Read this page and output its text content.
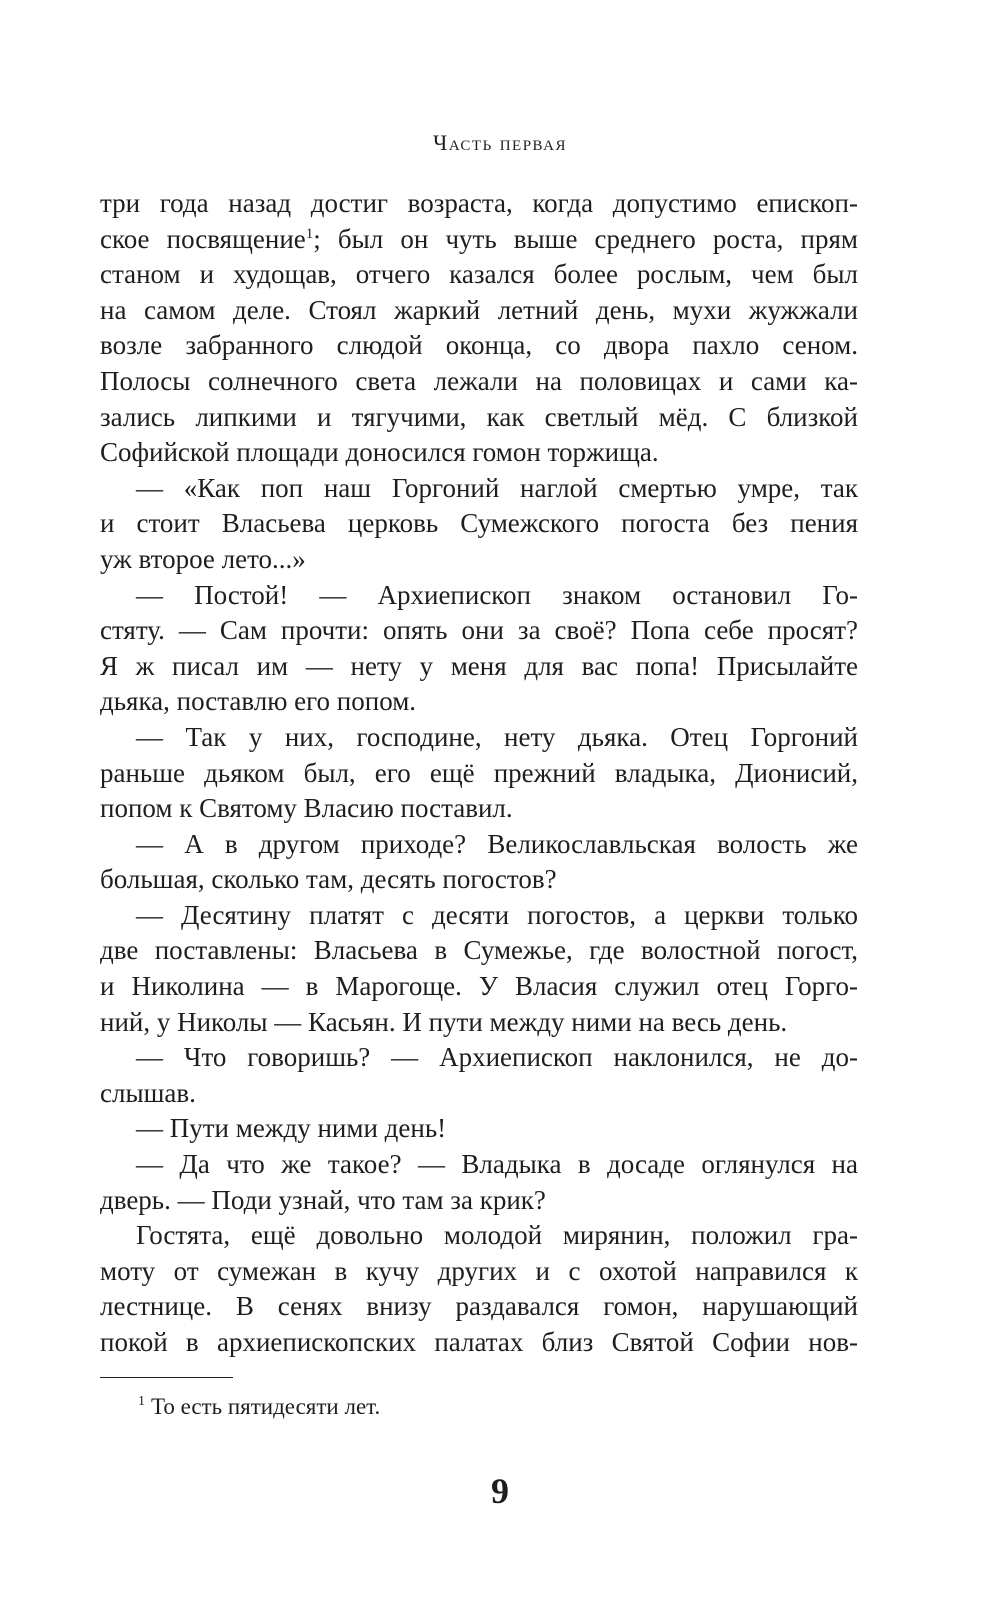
Часть первая
три года назад достиг возраста, когда допустимо епископ-
ское посвящение$^1$; был он чуть выше среднего роста, прям
станом и худощав, отчего казался более рослым, чем был
на самом деле. Стоял жаркий летний день, мухи жужжали
возле забранного слюдой оконца, со двора пахло сеном.
Полосы солнечного света лежали на половицах и сами ка-
зались липкими и тягучими, как светлый мёд. С близкой
Софийской площади доносился гомон торжища.
— «Как поп наш Горгоний наглой смертью умре, так
и стоит Власьева церковь Сумежского погоста без пения
уж второе лето...»
— Постой! — Архиепископ знаком остановил Го-
стяту. — Сам прочти: опять они за своё? Попа себе просят?
Я ж писал им — нету у меня для вас попа! Присылайте
дьяка, поставлю его попом.
— Так у них, господине, нету дьяка. Отец Горгоний
раньше дьяком был, его ещё прежний владыка, Дионисий,
попом к Святому Власию поставил.
— А в другом приходе? Великославльская волость же
большая, сколько там, десять погостов?
— Десятину платят с десяти погостов, а церкви только
две поставлены: Власьева в Сумежье, где волостной погост,
и Николина — в Марогоще. У Власия служил отец Горго-
ний, у Николы — Касьян. И пути между ними на весь день.
— Что говоришь? — Архиепископ наклонился, не до-
слышав.
— Пути между ними день!
— Да что же такое? — Владыка в досаде оглянулся на
дверь. — Поди узнай, что там за крик?
Гостята, ещё довольно молодой мирянин, положил гра-
моту от сумежан в кучу других и с охотой направился к
лестнице. В сенях внизу раздавался гомон, нарушающий
покой в архиепископских палатах близ Святой Софии нов-
$^1$ То есть пятидесяти лет.
9
